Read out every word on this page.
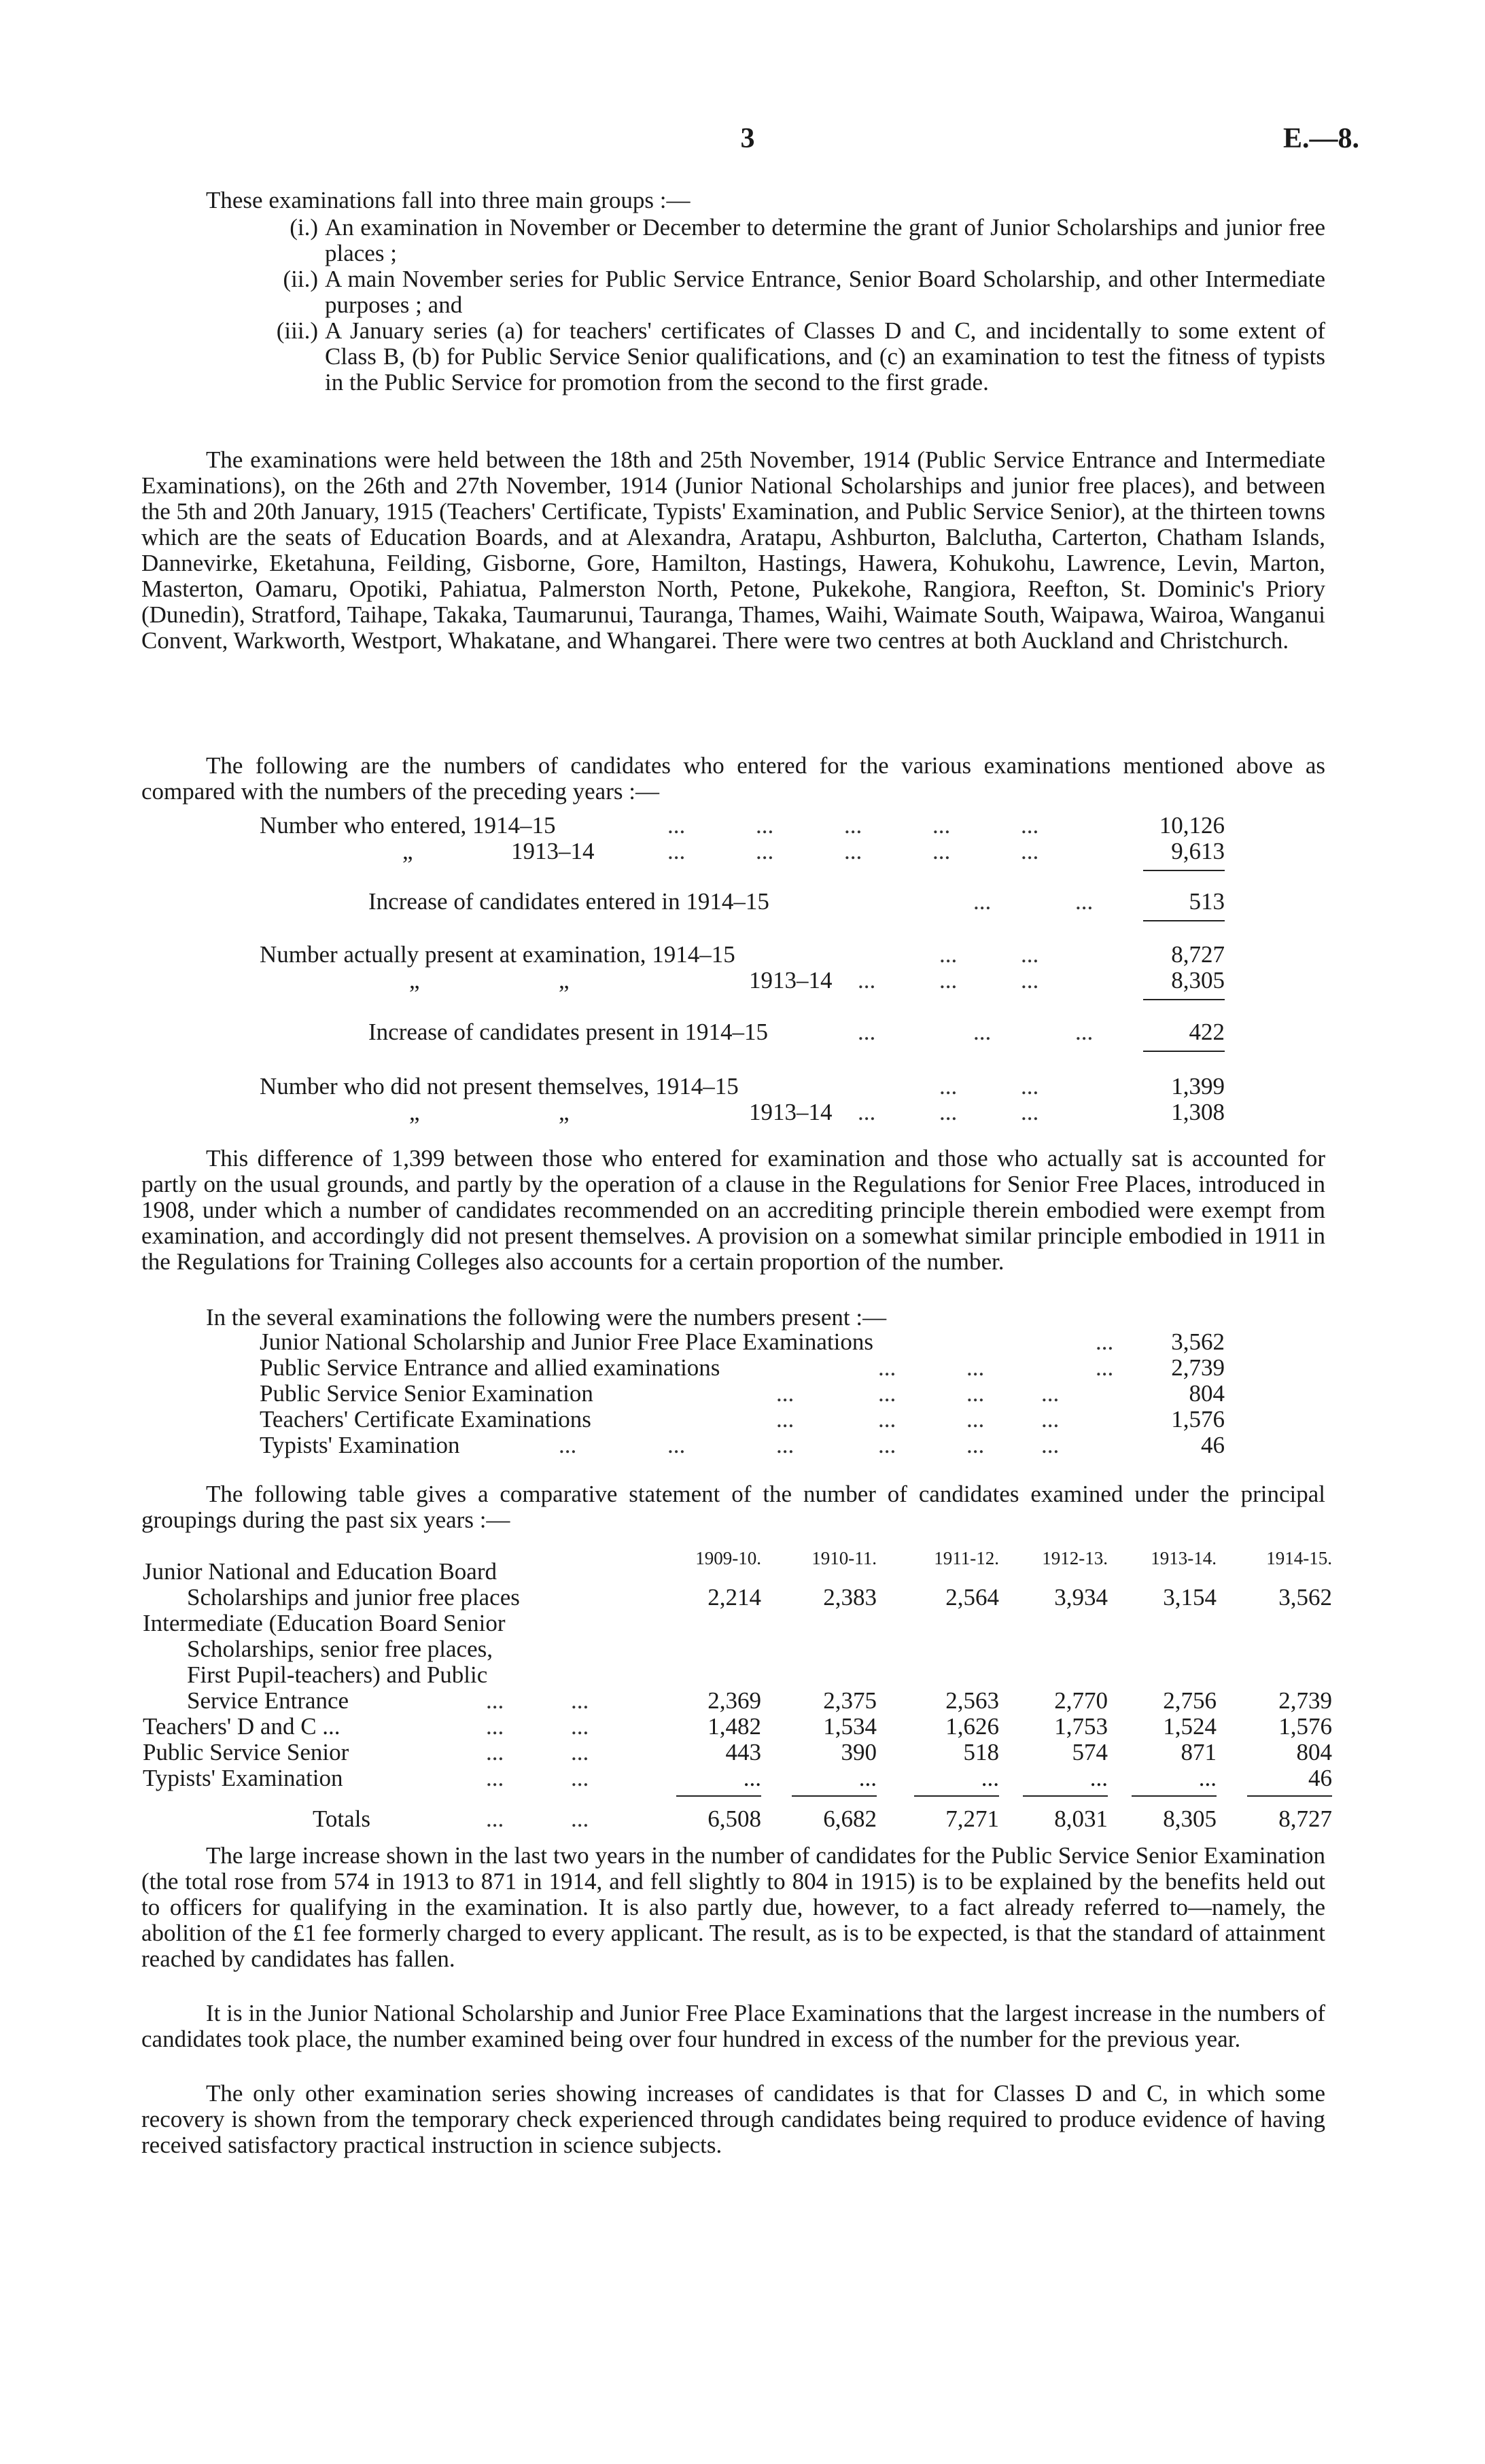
3	E.—8.

These examinations fall into three main groups :—

(i.) An examination in November or December to determine the grant of Junior Scholarships and junior free places ;
(ii.) A main November series for Public Service Entrance, Senior Board Scholarship, and other Intermediate purposes ; and
(iii.) A January series (a) for teachers' certificates of Classes D and C, and incidentally to some extent of Class B, (b) for Public Service Senior qualifications, and (c) an examination to test the fitness of typists in the Public Service for promotion from the second to the first grade.

The examinations were held between the 18th and 25th November, 1914 (Public Service Entrance and Intermediate Examinations), on the 26th and 27th November, 1914 (Junior National Scholarships and junior free places), and between the 5th and 20th January, 1915 (Teachers' Certificate, Typists' Examination, and Public Service Senior), at the thirteen towns which are the seats of Education Boards, and at Alexandra, Aratapu, Ashburton, Balclutha, Carterton, Chatham Islands, Dannevirke, Eketahuna, Feilding, Gisborne, Gore, Hamilton, Hastings, Hawera, Kohukohu, Lawrence, Levin, Marton, Masterton, Oamaru, Opotiki, Pahiatua, Palmerston North, Petone, Pukekohe, Rangiora, Reefton, St. Dominic's Priory (Dunedin), Stratford, Taihape, Takaka, Taumarunui, Tauranga, Thames, Waihi, Waimate South, Waipawa, Wairoa, Wanganui Convent, Warkworth, Westport, Whakatane, and Whangarei. There were two centres at both Auckland and Christchurch.

The following are the numbers of candidates who entered for the various examinations mentioned above as compared with the numbers of the preceding years :—

Number who entered, 1914–15	...	...	...	...	...	10,126
„	1913–14	...	...	...	...	...	9,613
Increase of candidates entered in 1914–15	...	...	513
Number actually present at examination, 1914–15	...	...	8,727
„	„	1913–14 ...	...	...	8,305
Increase of candidates present in 1914–15	...	...	...	422
Number who did not present themselves, 1914–15	...	...	1,399
„	„	1913–14 ...	...	...	1,308

This difference of 1,399 between those who entered for examination and those who actually sat is accounted for partly on the usual grounds, and partly by the operation of a clause in the Regulations for Senior Free Places, introduced in 1908, under which a number of candidates recommended on an accrediting principle therein embodied were exempt from examination, and accordingly did not present themselves. A provision on a somewhat similar principle embodied in 1911 in the Regulations for Training Colleges also accounts for a certain proportion of the number.

In the several examinations the following were the numbers present :—

Junior National Scholarship and Junior Free Place Examinations	...	3,562
Public Service Entrance and allied examinations	...	...	...	2,739
Public Service Senior Examination	...	...	... ...	804
Teachers' Certificate Examinations	...	...	... ...	1,576
Typists' Examination	...	...	...	...	... ...	46

The following table gives a comparative statement of the number of candidates examined under the principal groupings during the past six years :—

1909-10.	1910-11.	1911-12.	1912-13.	1913-14.	1914-15.
Junior National and Education Board
Scholarships and junior free places	2,214	2,383	2,564	3,934	3,154	3,562
Intermediate (Education Board Senior
Scholarships, senior free places,
First Pupil-teachers) and Public
Service Entrance	...	...	2,369	2,375	2,563	2,770	2,756	2,739
Teachers' D and C ...	...	...	1,482	1,534	1,626	1,753	1,524	1,576
Public Service Senior	...	...	443	390	518	574	871	804
Typists' Examination	...	...	...	...	...	...	...	46
Totals	...	...	6,508	6,682	7,271	8,031	8,305	8,727

The large increase shown in the last two years in the number of candidates for the Public Service Senior Examination (the total rose from 574 in 1913 to 871 in 1914, and fell slightly to 804 in 1915) is to be explained by the benefits held out to officers for qualifying in the examination. It is also partly due, however, to a fact already referred to—namely, the abolition of the £1 fee formerly charged to every applicant. The result, as is to be expected, is that the standard of attainment reached by candidates has fallen.

It is in the Junior National Scholarship and Junior Free Place Examinations that the largest increase in the numbers of candidates took place, the number examined being over four hundred in excess of the number for the previous year.

The only other examination series showing increases of candidates is that for Classes D and C, in which some recovery is shown from the temporary check experienced through candidates being required to produce evidence of having received satisfactory practical instruction in science subjects.
